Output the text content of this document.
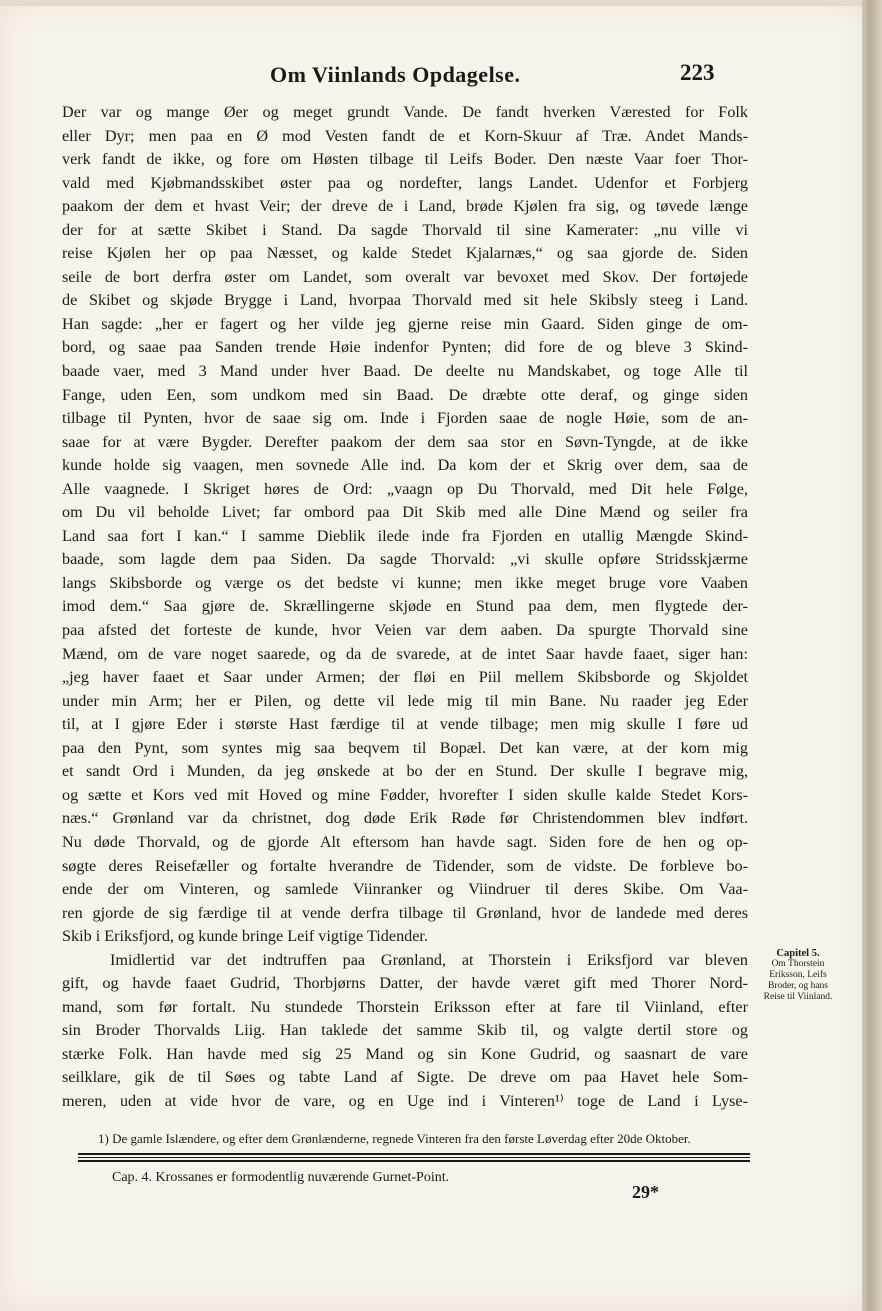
Om Viinlands Opdagelse.	223
Der var og mange Øer og meget grundt Vande. De fandt hverken Værested for Folk
eller Dyr; men paa en Ø mod Vesten fandt de et Korn-Skuur af Træ. Andet Mands-
verk fandt de ikke, og fore om Høsten tilbage til Leifs Boder. Den næste Vaar foer Thor-
vald med Kjøbmandsskibet øster paa og nordefter, langs Landet. Udenfor et Forbjerg
paakom der dem et hvast Veir; der dreve de i Land, brøde Kjølen fra sig, og tøvede længe
der for at sætte Skibet i Stand. Da sagde Thorvald til sine Kamerater: „nu ville vi
reise Kjølen her op paa Næsset, og kalde Stedet Kjalarnæs,“ og saa gjorde de. Siden
seile de bort derfra øster om Landet, som overalt var bevoxet med Skov. Der fortøjede
de Skibet og skjøde Brygge i Land, hvorpaa Thorvald med sit hele Skibsly steeg i Land.
Han sagde: „her er fagert og her vilde jeg gjerne reise min Gaard. Siden ginge de om-
bord, og saae paa Sanden trende Høie indenfor Pynten; did fore de og bleve 3 Skind-
baade vaer, med 3 Mand under hver Baad. De deelte nu Mandskabet, og toge Alle til
Fange, uden Een, som undkom med sin Baad. De dræbte otte deraf, og ginge siden
tilbage til Pynten, hvor de saae sig om. Inde i Fjorden saae de nogle Høie, som de an-
saae for at være Bygder. Derefter paakom der dem saa stor en Søvn-Tyngde, at de ikke
kunde holde sig vaagen, men sovnede Alle ind. Da kom der et Skrig over dem, saa de
Alle vaagnede. I Skriget høres de Ord: „vaagn op Du Thorvald, med Dit hele Følge,
om Du vil beholde Livet; far ombord paa Dit Skib med alle Dine Mænd og seiler fra
Land saa fort I kan.“ I samme Dieblik ilede inde fra Fjorden en utallig Mængde Skind-
baade, som lagde dem paa Siden. Da sagde Thorvald: „vi skulle opføre Stridsskjærme
langs Skibsborde og værge os det bedste vi kunne; men ikke meget bruge vore Vaaben
imod dem.“ Saa gjøre de. Skrællingerne skjøde en Stund paa dem, men flygtede der-
paa afsted det forteste de kunde, hvor Veien var dem aaben. Da spurgte Thorvald sine
Mænd, om de vare noget saarede, og da de svarede, at de intet Saar havde faaet, siger han:
„jeg haver faaet et Saar under Armen; der fløi en Piil mellem Skibsborde og Skjoldet
under min Arm; her er Pilen, og dette vil lede mig til min Bane. Nu raader jeg Eder
til, at I gjøre Eder i største Hast færdige til at vende tilbage; men mig skulle I føre ud
paa den Pynt, som syntes mig saa beqvem til Bopæl. Det kan være, at der kom mig
et sandt Ord i Munden, da jeg ønskede at bo der en Stund. Der skulle I begrave mig,
og sætte et Kors ved mit Hoved og mine Fødder, hvorefter I siden skulle kalde Stedet Kors-
næs.“ Grønland var da christnet, dog døde Erik Røde før Christendommen blev indført.
Nu døde Thorvald, og de gjorde Alt eftersom han havde sagt. Siden fore de hen og op-
søgte deres Reisefæller og fortalte hverandre de Tidender, som de vidste. De forbleve bo-
ende der om Vinteren, og samlede Viinranker og Viindruer til deres Skibe. Om Vaa-
ren gjorde de sig færdige til at vende derfra tilbage til Grønland, hvor de landede med deres
Skib i Eriksfjord, og kunde bringe Leif vigtige Tidender.
Imidlertid var det indtruffen paa Grønland, at Thorstein i Eriksfjord var bleven
gift, og havde faaet Gudrid, Thorbjørns Datter, der havde været gift med Thorer Nord-
mand, som før fortalt. Nu stundede Thorstein Eriksson efter at fare til Viinland, efter
sin Broder Thorvalds Liig. Han taklede det samme Skib til, og valgte dertil store og
stærke Folk. Han havde med sig 25 Mand og sin Kone Gudrid, og saasnart de vare
seilklare, gik de til Søes og tabte Land af Sigte. De dreve om paa Havet hele Som-
meren, uden at vide hvor de vare, og en Uge ind i Vinteren¹⁾ toge de Land i Lyse-
Capitel 5.
Om Thorstein Eriksson, Leifs Broder, og hans Reise til Viinland.
1) De gamle Islændere, og efter dem Grønlænderne, regnede Vinteren fra den første Løverdag efter 20de Oktober.
Cap. 4. Krossanes er formodentlig nuværende Gurnet-Point.
29*
